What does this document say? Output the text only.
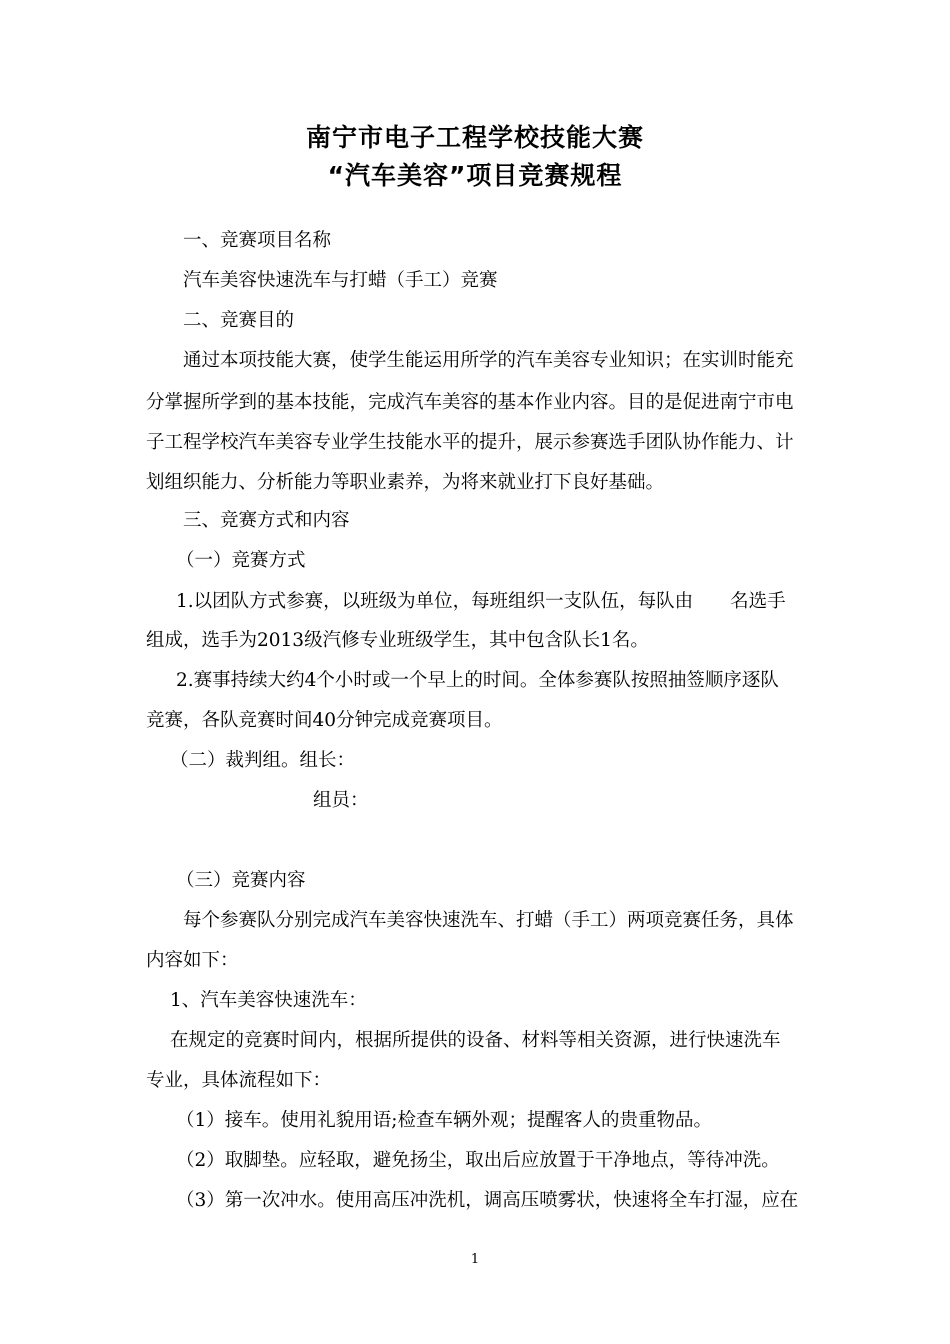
南宁市电子工程学校技能大赛
“汽车美容”项目竞赛规程
一、竞赛项目名称
汽车美容快速洗车与打蜡（手工）竞赛
二、竞赛目的
通过本项技能大赛，使学生能运用所学的汽车美容专业知识；在实训时能充
分掌握所学到的基本技能，完成汽车美容的基本作业内容。目的是促进南宁市电
子工程学校汽车美容专业学生技能水平的提升，展示参赛选手团队协作能力、计
划组织能力、分析能力等职业素养，为将来就业打下良好基础。
三、竞赛方式和内容
（一）竞赛方式
1.以团队方式参赛，以班级为单位，每班组织一支队伍，每队由　　名选手
组成，选手为2013级汽修专业班级学生，其中包含队长1名。
2.赛事持续大约4个小时或一个早上的时间。全体参赛队按照抽签顺序逐队
竞赛，各队竞赛时间40分钟完成竞赛项目。
（二）裁判组。组长：
组员：
（三）竞赛内容
每个参赛队分别完成汽车美容快速洗车、打蜡（手工）两项竞赛任务，具体
内容如下：
1、汽车美容快速洗车：
在规定的竞赛时间内，根据所提供的设备、材料等相关资源，进行快速洗车
专业，具体流程如下：
（1）接车。使用礼貌用语;检查车辆外观；提醒客人的贵重物品。
（2）取脚垫。应轻取，避免扬尘，取出后应放置于干净地点，等待冲洗。
（3）第一次冲水。使用高压冲洗机，调高压喷雾状，快速将全车打湿，应在
1
